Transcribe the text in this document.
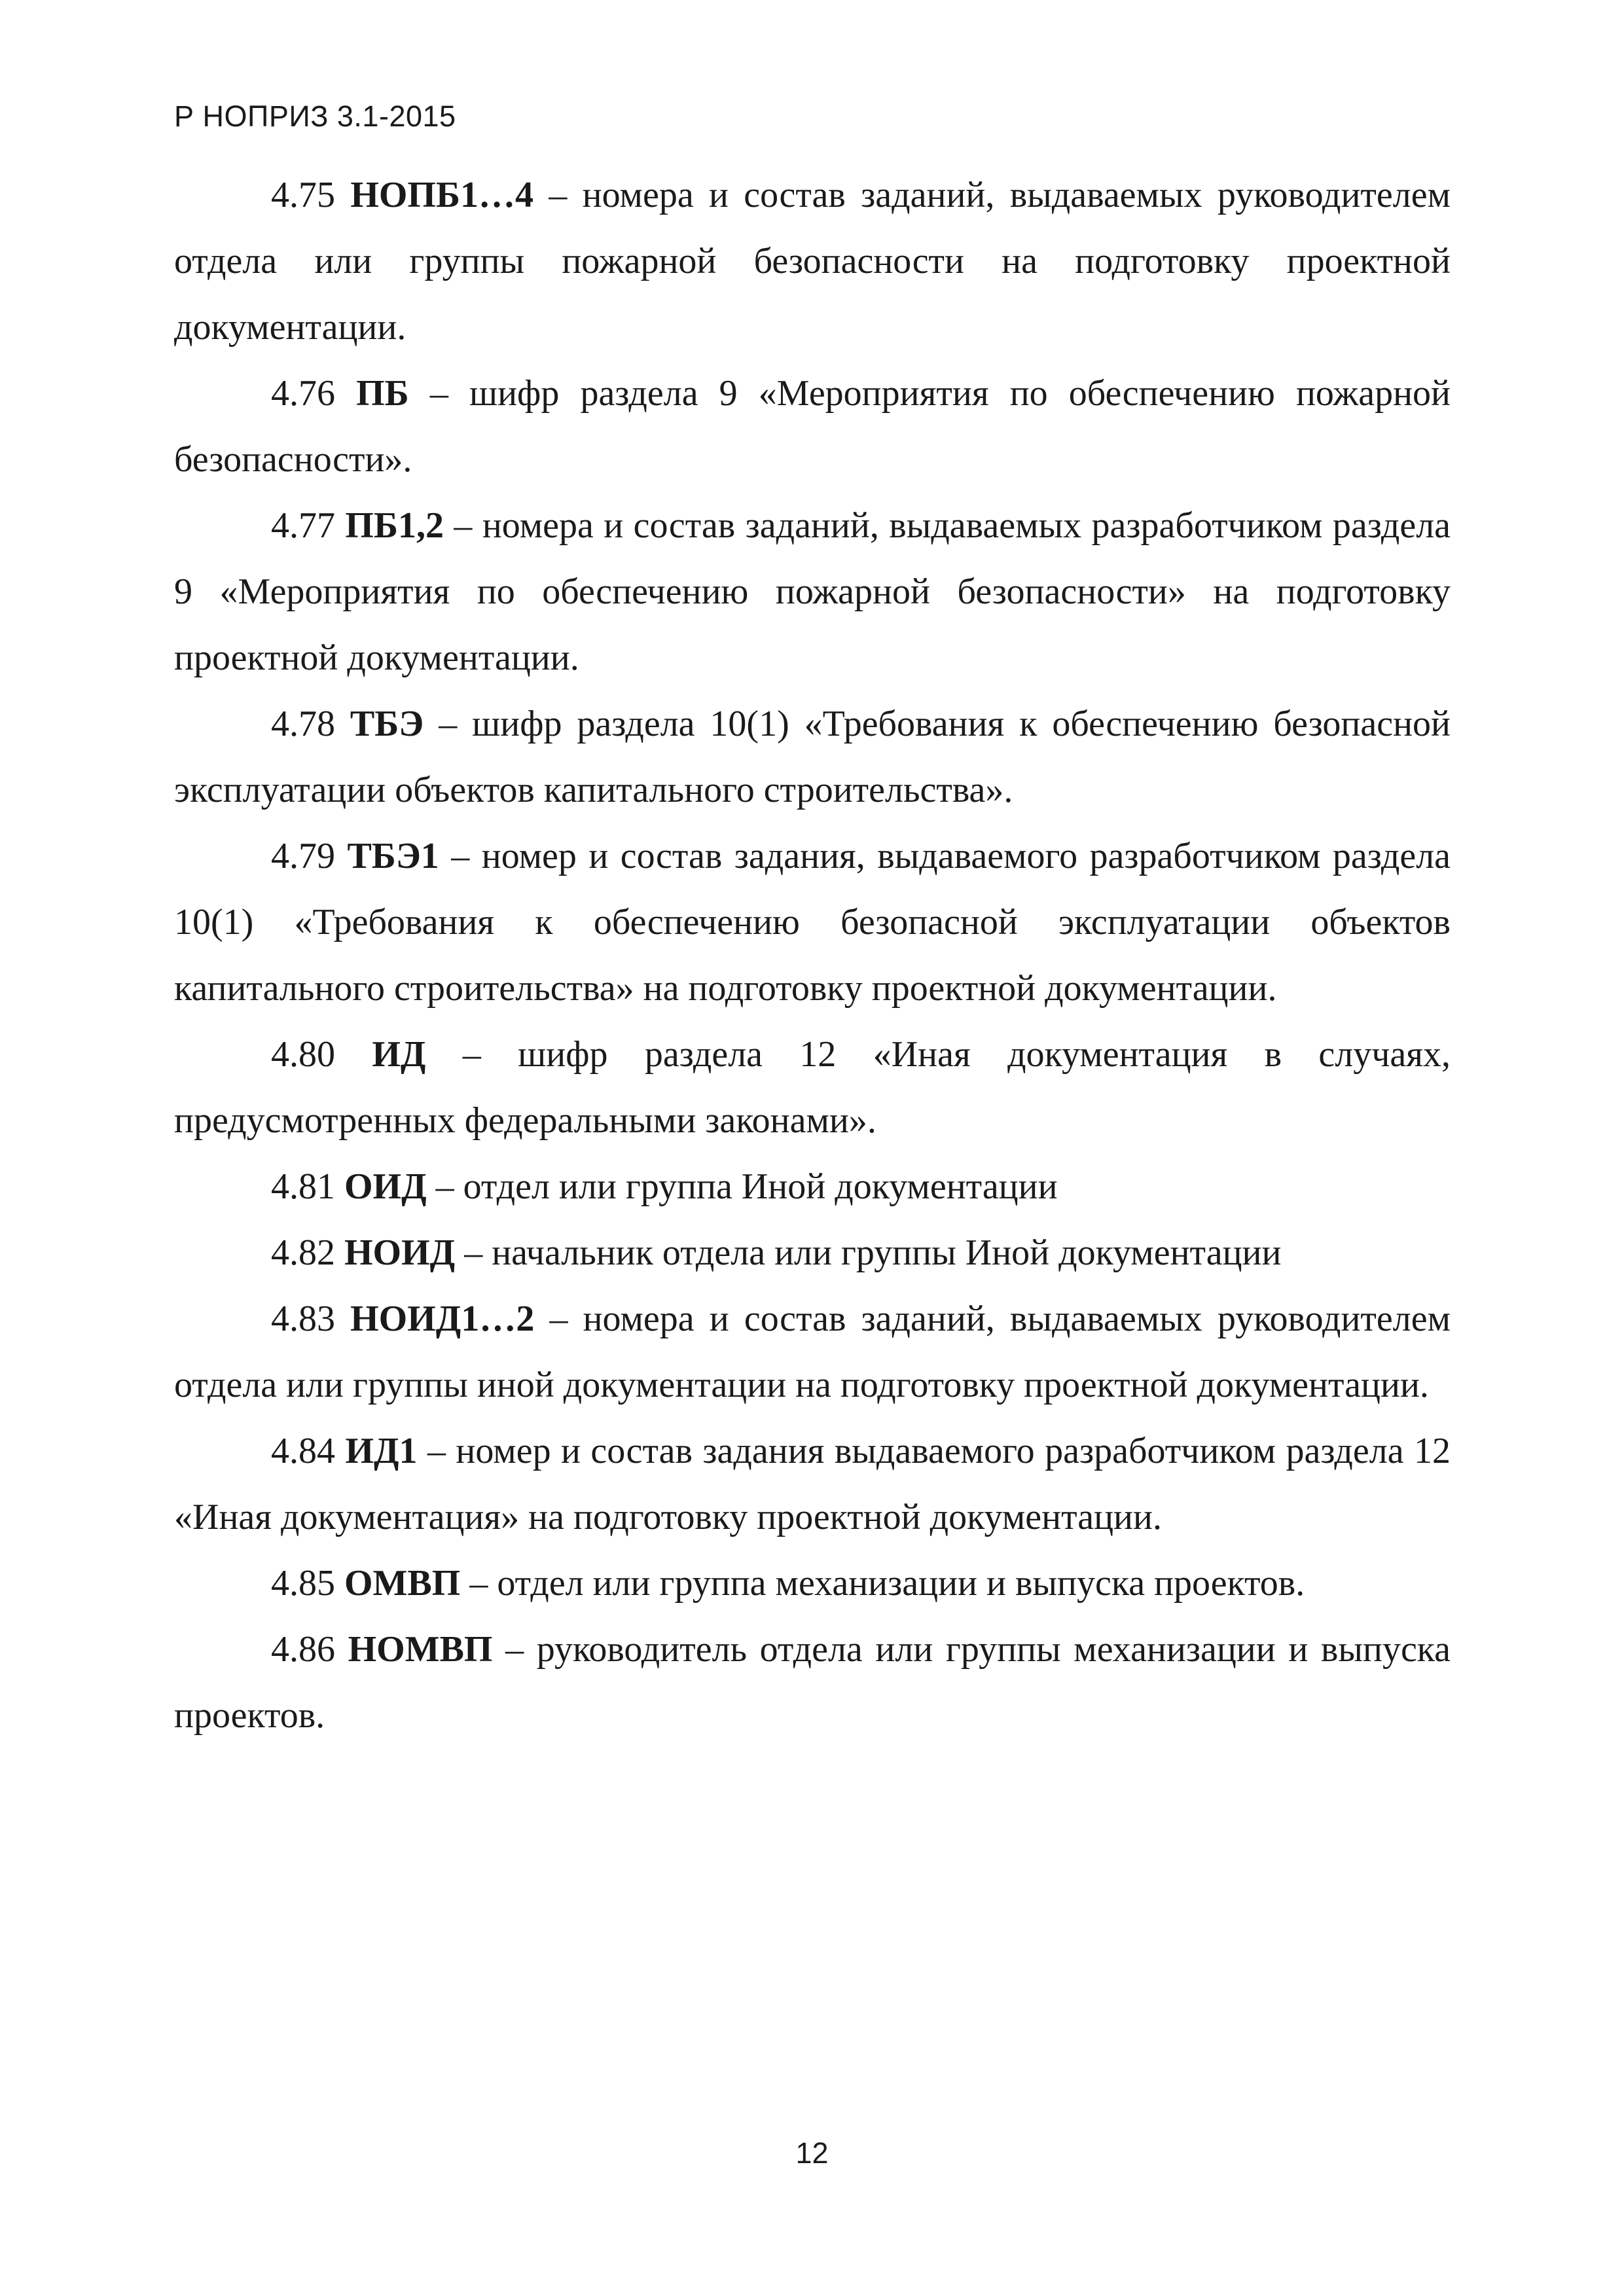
Р НОПРИЗ 3.1-2015

4.75 НОПБ1…4 – номера и состав заданий, выдаваемых руководителем отдела или группы пожарной безопасности на подготовку проектной документации.

4.76 ПБ – шифр раздела 9 «Мероприятия по обеспечению пожарной безопасности».

4.77 ПБ1,2 – номера и состав заданий, выдаваемых разработчиком раздела 9 «Мероприятия по обеспечению пожарной безопасности» на подготовку проектной документации.

4.78 ТБЭ – шифр раздела 10(1) «Требования к обеспечению безопасной эксплуатации объектов капитального строительства».

4.79 ТБЭ1 – номер и состав задания, выдаваемого разработчиком раздела 10(1) «Требования к обеспечению безопасной эксплуатации объектов капитального строительства» на подготовку проектной документации.

4.80 ИД – шифр раздела 12 «Иная документация в случаях, предусмотренных федеральными законами».

4.81 ОИД – отдел или группа Иной документации

4.82 НОИД – начальник отдела или группы Иной документации

4.83 НОИД1…2 – номера и состав заданий, выдаваемых руководителем отдела или группы иной документации на подготовку проектной документации.

4.84 ИД1 – номер и состав задания выдаваемого разработчиком раздела 12 «Иная документация» на подготовку проектной документации.

4.85 ОМВП – отдел или группа механизации и выпуска проектов.

4.86 НОМВП – руководитель отдела или группы механизации и выпуска проектов.

12
